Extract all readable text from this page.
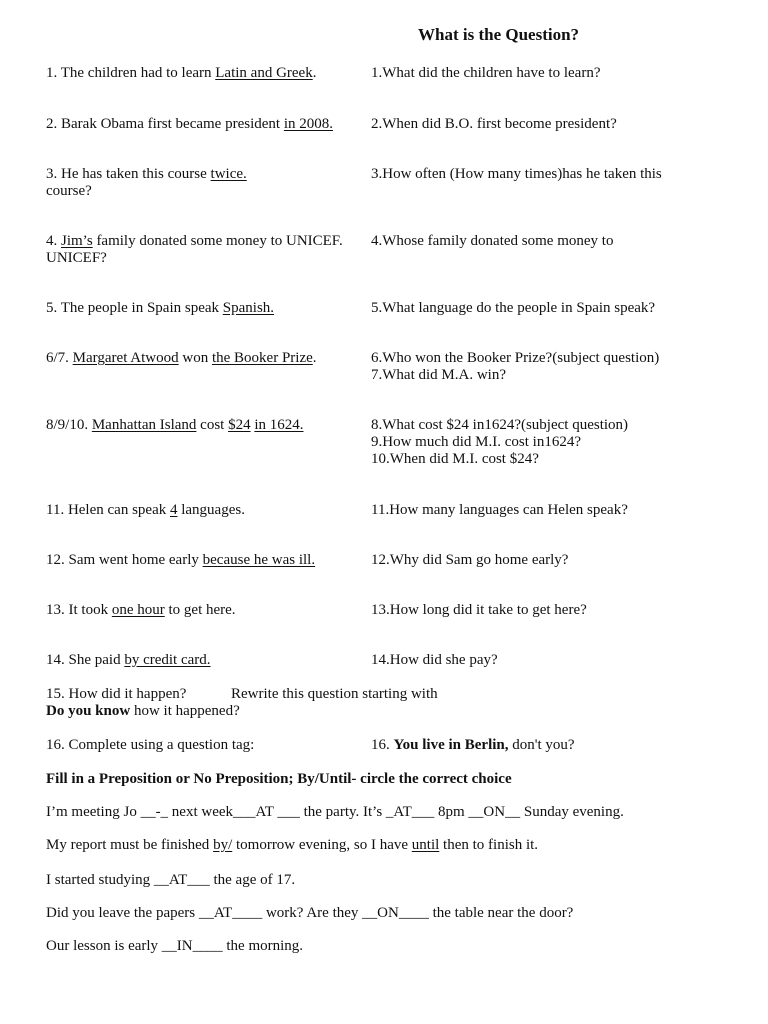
What is the Question?
1. The children had to learn Latin and Greek.	1.What did the children have to learn?
2. Barak Obama first became president in 2008.	2.When did B.O. first become president?
3. He has taken this course twice.	3.How often (How many times)has he taken this
course?
4. Jim’s family donated some money to UNICEF. 4.Whose family donated some money to
UNICEF?
5. The people in Spain speak Spanish.	5.What language do the people in Spain speak?
6/7. Margaret Atwood won the Booker Prize.	6.Who won the Booker Prize?(subject question)
7.What did M.A. win?
8/9/10. Manhattan Island cost $24 in 1624.	8.What cost $24 in1624?(subject question)
9.How much did M.I. cost in1624?
10.When did M.I. cost $24?
11. Helen can speak 4 languages.	11.How many languages can Helen speak?
12. Sam went home early because he was ill.	12.Why did Sam go home early?
13. It took one hour to get here.	13.How long did it take to get here?
14. She paid by credit card.	14.How did she pay?
15. How did it happen?	Rewrite this question starting with
Do you know how it happened?
16. Complete using a question tag:	16. You live in Berlin, don't you?
Fill in a Preposition or No Preposition; By/Until- circle the correct choice
I’m meeting Jo __-_ next week___AT ___ the party. It’s _AT___ 8pm __ON__ Sunday evening.
My report must be finished by/ tomorrow evening, so I have until then to finish it.
I started studying __AT___ the age of 17.
Did you leave the papers __AT____ work? Are they __ON____ the table near the door?
Our lesson is early __IN____ the morning.
